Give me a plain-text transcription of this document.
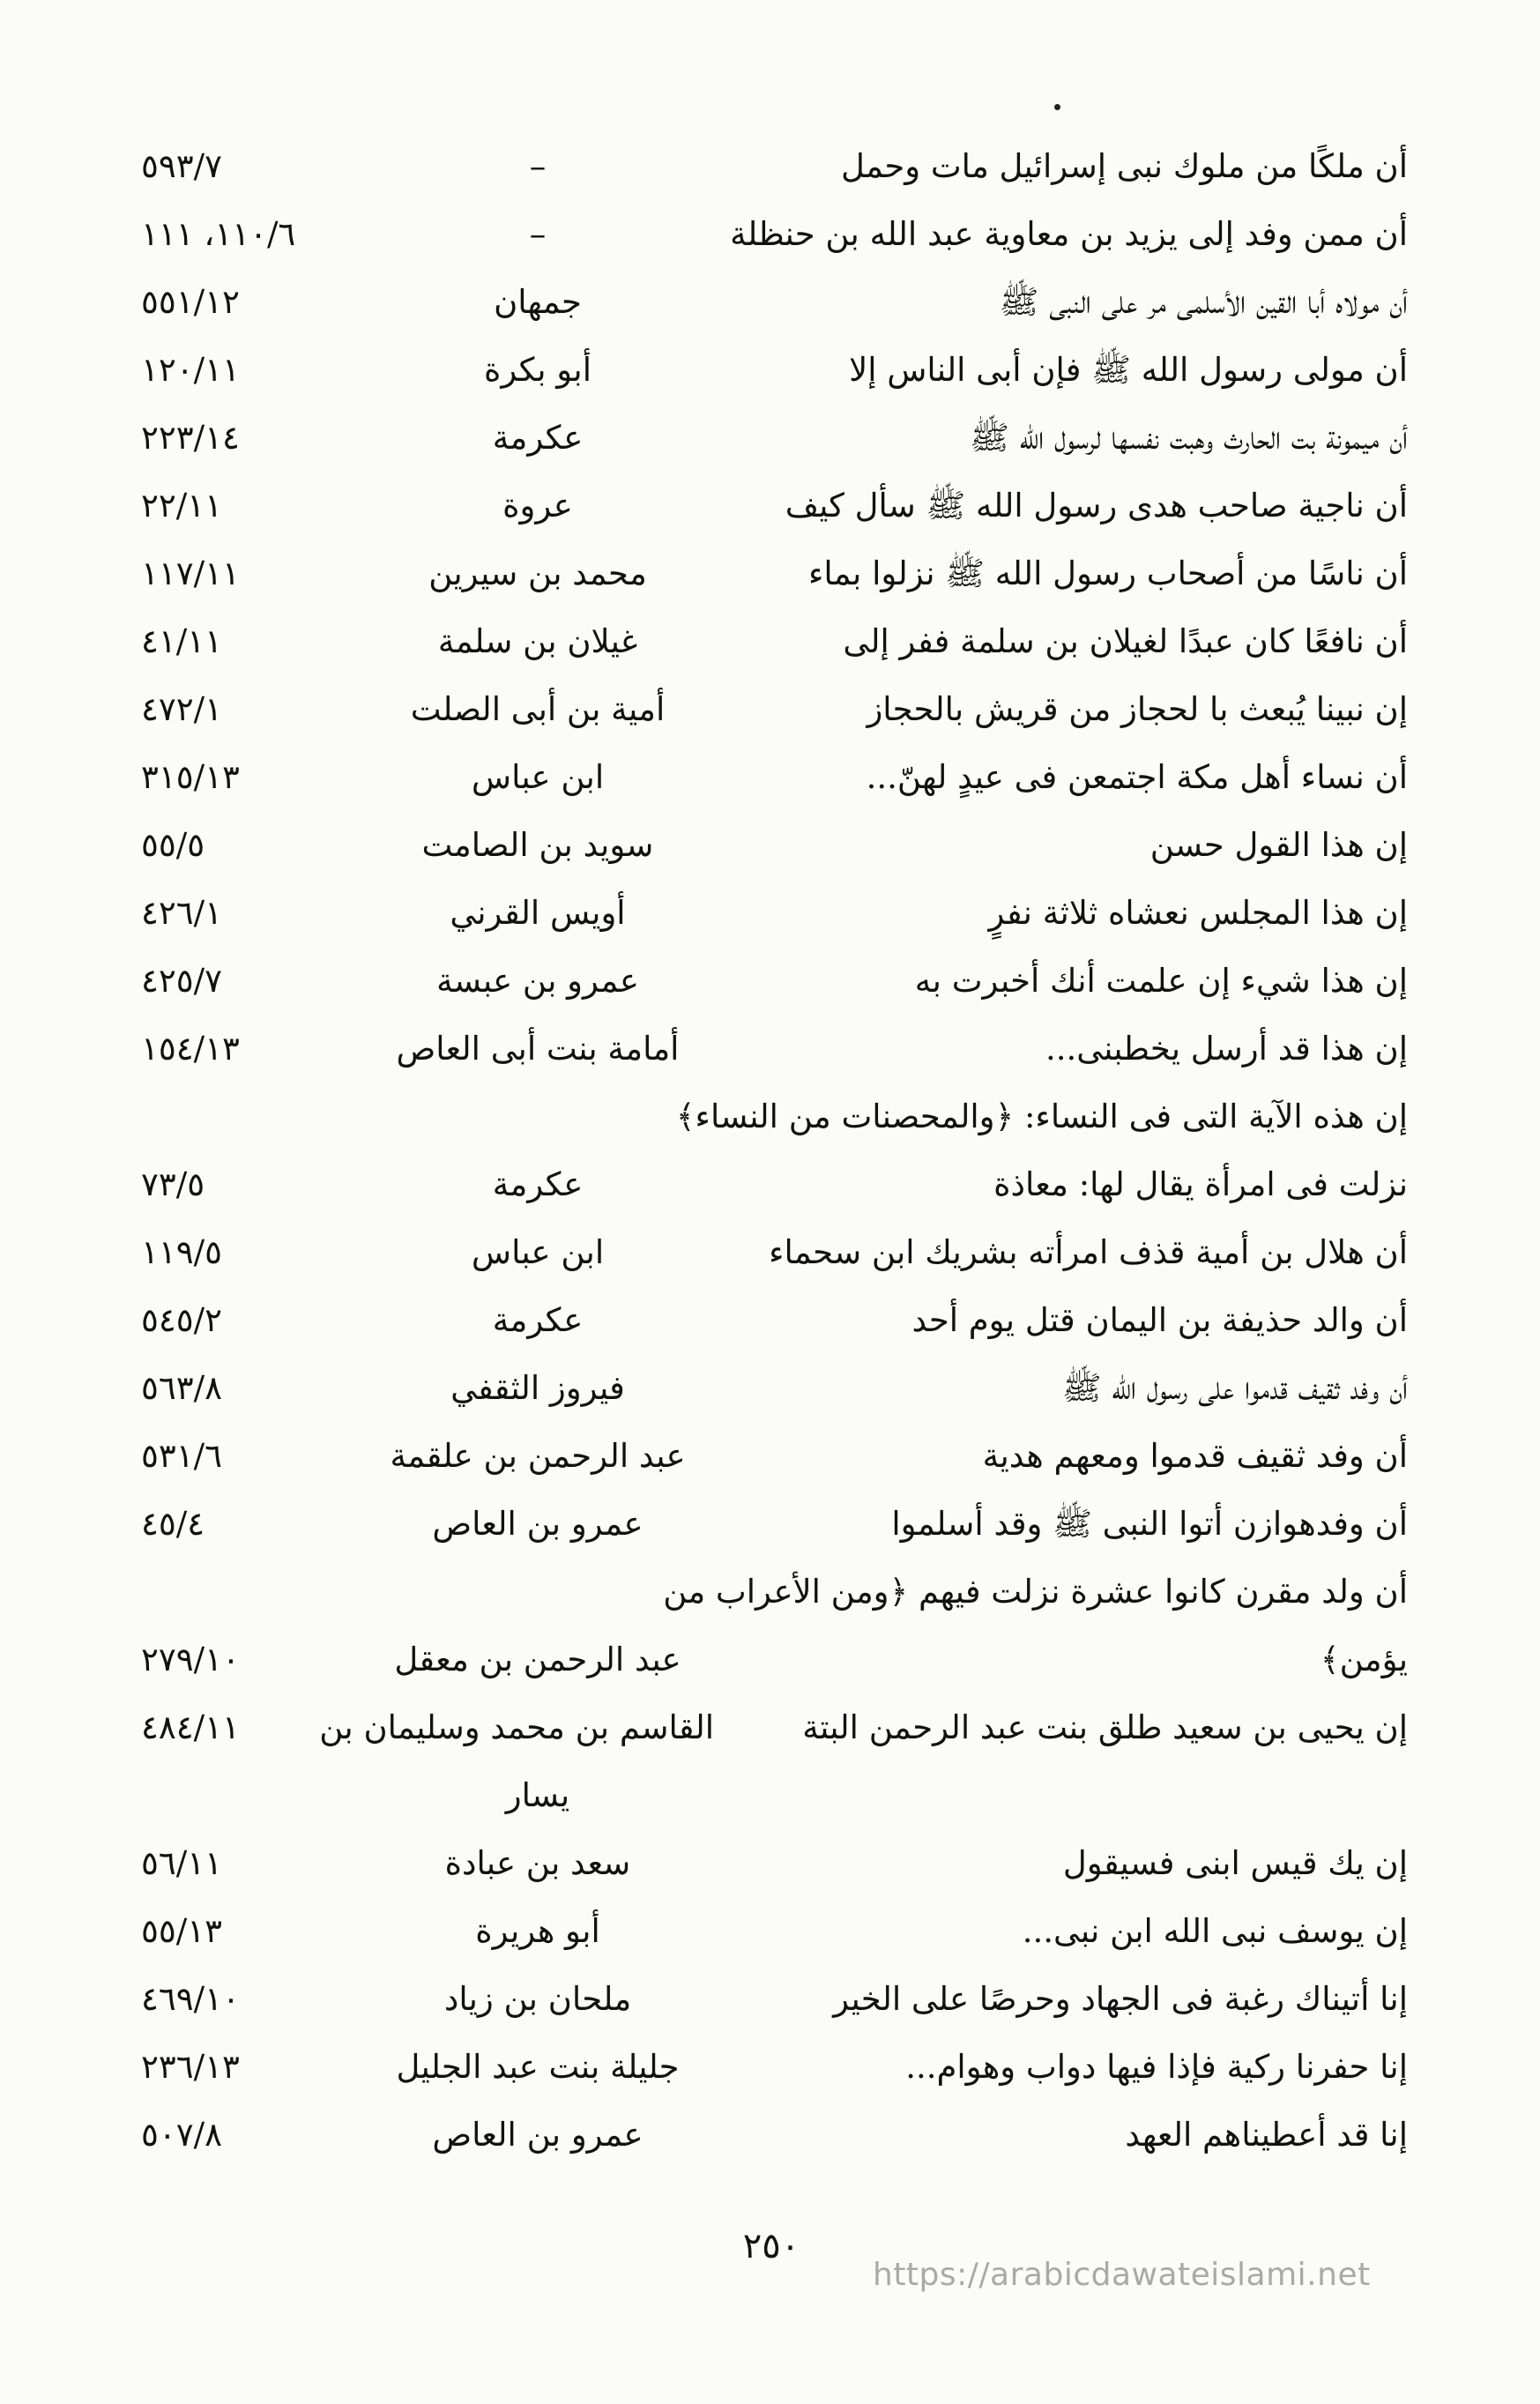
أن ملكًا من ملوك نبى إسرائيل مات وحمل
–
٥٩٣/٧
أن ممن وفد إلى يزيد بن معاوية عبد الله بن حنظلة
–
١١٠/٦، ١١١
أن مولاه أبا القين الأسلمى مر على النبى ﷺ
جمهان
٥٥١/١٢
أن مولى رسول الله ﷺ فإن أبى الناس إلا
أبو بكرة
١٢٠/١١
أن ميمونة بت الحارث وهبت نفسها لرسول الله ﷺ
عكرمة
٢٢٣/١٤
أن ناجية صاحب هدى رسول الله ﷺ سأل كيف
عروة
٢٢/١١
أن ناسًا من أصحاب رسول الله ﷺ نزلوا بماء
محمد بن سيرين
١١٧/١١
أن نافعًا كان عبدًا لغيلان بن سلمة ففر إلى
غيلان بن سلمة
٤١/١١
إن نبينا يُبعث با لحجاز من قريش بالحجاز
أمية بن أبى الصلت
٤٧٢/١
أن نساء أهل مكة اجتمعن فى عيدٍ لهنّ...
ابن عباس
٣١٥/١٣
إن هذا القول حسن
سويد بن الصامت
٥٥/٥
إن هذا المجلس نعشاه ثلاثة نفرٍ
أويس القرني
٤٢٦/١
إن هذا شيء إن علمت أنك أخبرت به
عمرو بن عبسة
٤٢٥/٧
إن هذا قد أرسل يخطبنى...
أمامة بنت أبى العاص
١٥٤/١٣
إن هذه الآية التى فى النساء: ﴿والمحصنات من النساء﴾
نزلت فى امرأة يقال لها: معاذة
عكرمة
٧٣/٥
أن هلال بن أمية قذف امرأته بشريك ابن سحماء
ابن عباس
١١٩/٥
أن والد حذيفة بن اليمان قتل يوم أحد
عكرمة
٥٤٥/٢
أن وفد ثقيف قدموا على رسول الله ﷺ
فيروز الثقفي
٥٦٣/٨
أن وفد ثقيف قدموا ومعهم هدية
عبد الرحمن بن علقمة
٥٣١/٦
أن وفدهوازن أتوا النبى ﷺ وقد أسلموا
عمرو بن العاص
٤٥/٤
أن ولد مقرن كانوا عشرة نزلت فيهم ﴿ومن الأعراب من
يؤمن﴾
عبد الرحمن بن معقل
٢٧٩/١٠
إن يحيى بن سعيد طلق بنت عبد الرحمن البتة
القاسم بن محمد وسليمان بن
٤٨٤/١١
يسار
إن يك قيس ابنى فسيقول
سعد بن عبادة
٥٦/١١
إن يوسف نبى الله ابن نبى...
أبو هريرة
٥٥/١٣
إنا أتيناك رغبة فى الجهاد وحرصًا على الخير
ملحان بن زياد
٤٦٩/١٠
إنا حفرنا ركية فإذا فيها دواب وهوام...
جليلة بنت عبد الجليل
٢٣٦/١٣
إنا قد أعطيناهم العهد
عمرو بن العاص
٥٠٧/٨
٢٥٠
https://arabicdawateislami.net
